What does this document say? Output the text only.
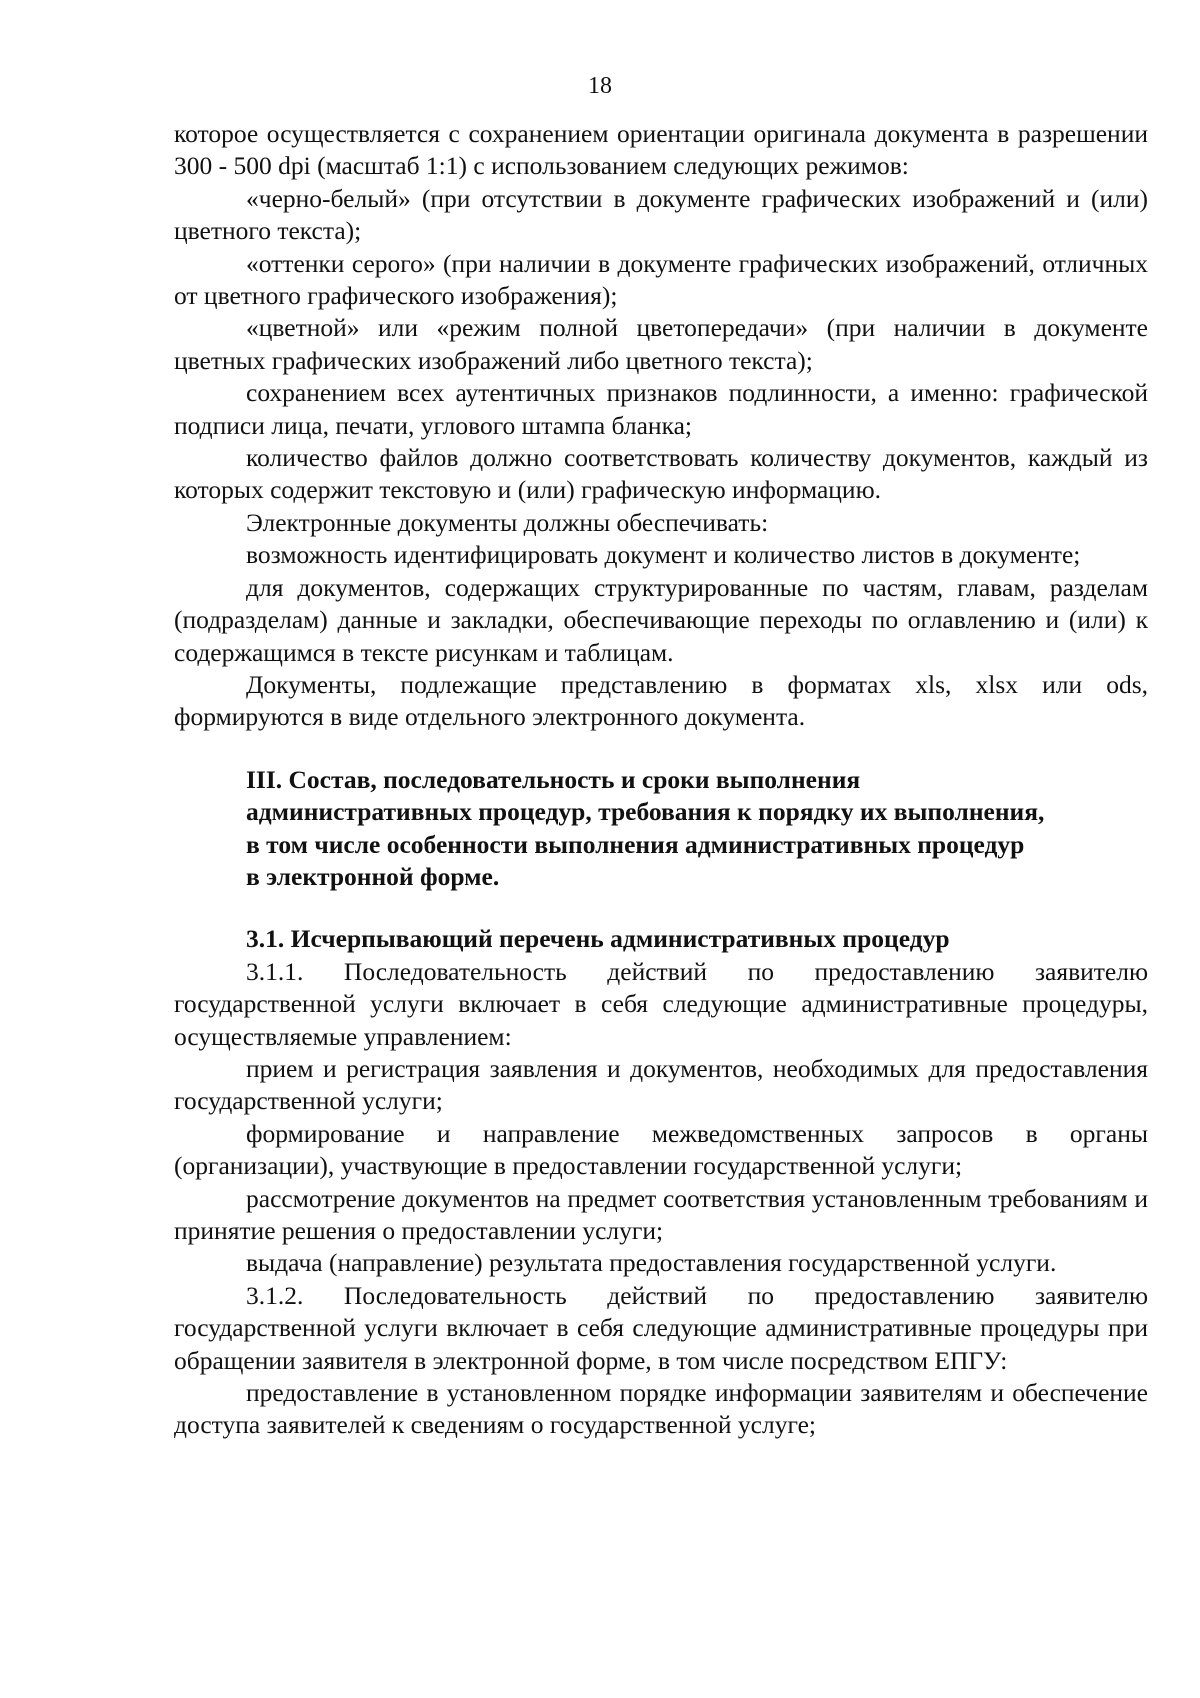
18

которое осуществляется с сохранением ориентации оригинала документа в разрешении 300 - 500 dpi (масштаб 1:1) с использованием следующих режимов:

«черно-белый» (при отсутствии в документе графических изображений и (или) цветного текста);

«оттенки серого» (при наличии в документе графических изображений, отличных от цветного графического изображения);

«цветной» или «режим полной цветопередачи» (при наличии в документе цветных графических изображений либо цветного текста);

сохранением всех аутентичных признаков подлинности, а именно: графической подписи лица, печати, углового штампа бланка;

количество файлов должно соответствовать количеству документов, каждый из которых содержит текстовую и (или) графическую информацию.

Электронные документы должны обеспечивать:

возможность идентифицировать документ и количество листов в документе;

для документов, содержащих структурированные по частям, главам, разделам (подразделам) данные и закладки, обеспечивающие переходы по оглавлению и (или) к содержащимся в тексте рисункам и таблицам.

Документы, подлежащие представлению в форматах xls, xlsx или ods, формируются в виде отдельного электронного документа.

III. Состав, последовательность и сроки выполнения

административных процедур, требования к порядку их выполнения,

в том числе особенности выполнения административных процедур

в электронной форме.

3.1. Исчерпывающий перечень административных процедур

3.1.1. Последовательность действий по предоставлению заявителю государственной услуги включает в себя следующие административные процедуры, осуществляемые управлением:

прием и регистрация заявления и документов, необходимых для предоставления государственной услуги;

формирование и направление межведомственных запросов в органы (организации), участвующие в предоставлении государственной услуги;

рассмотрение документов на предмет соответствия установленным требованиям и принятие решения о предоставлении услуги;

выдача (направление) результата предоставления государственной услуги.

3.1.2. Последовательность действий по предоставлению заявителю государственной услуги включает в себя следующие административные процедуры при обращении заявителя в электронной форме, в том числе посредством ЕПГУ:

предоставление в установленном порядке информации заявителям и обеспечение доступа заявителей к сведениям о государственной услуге;
